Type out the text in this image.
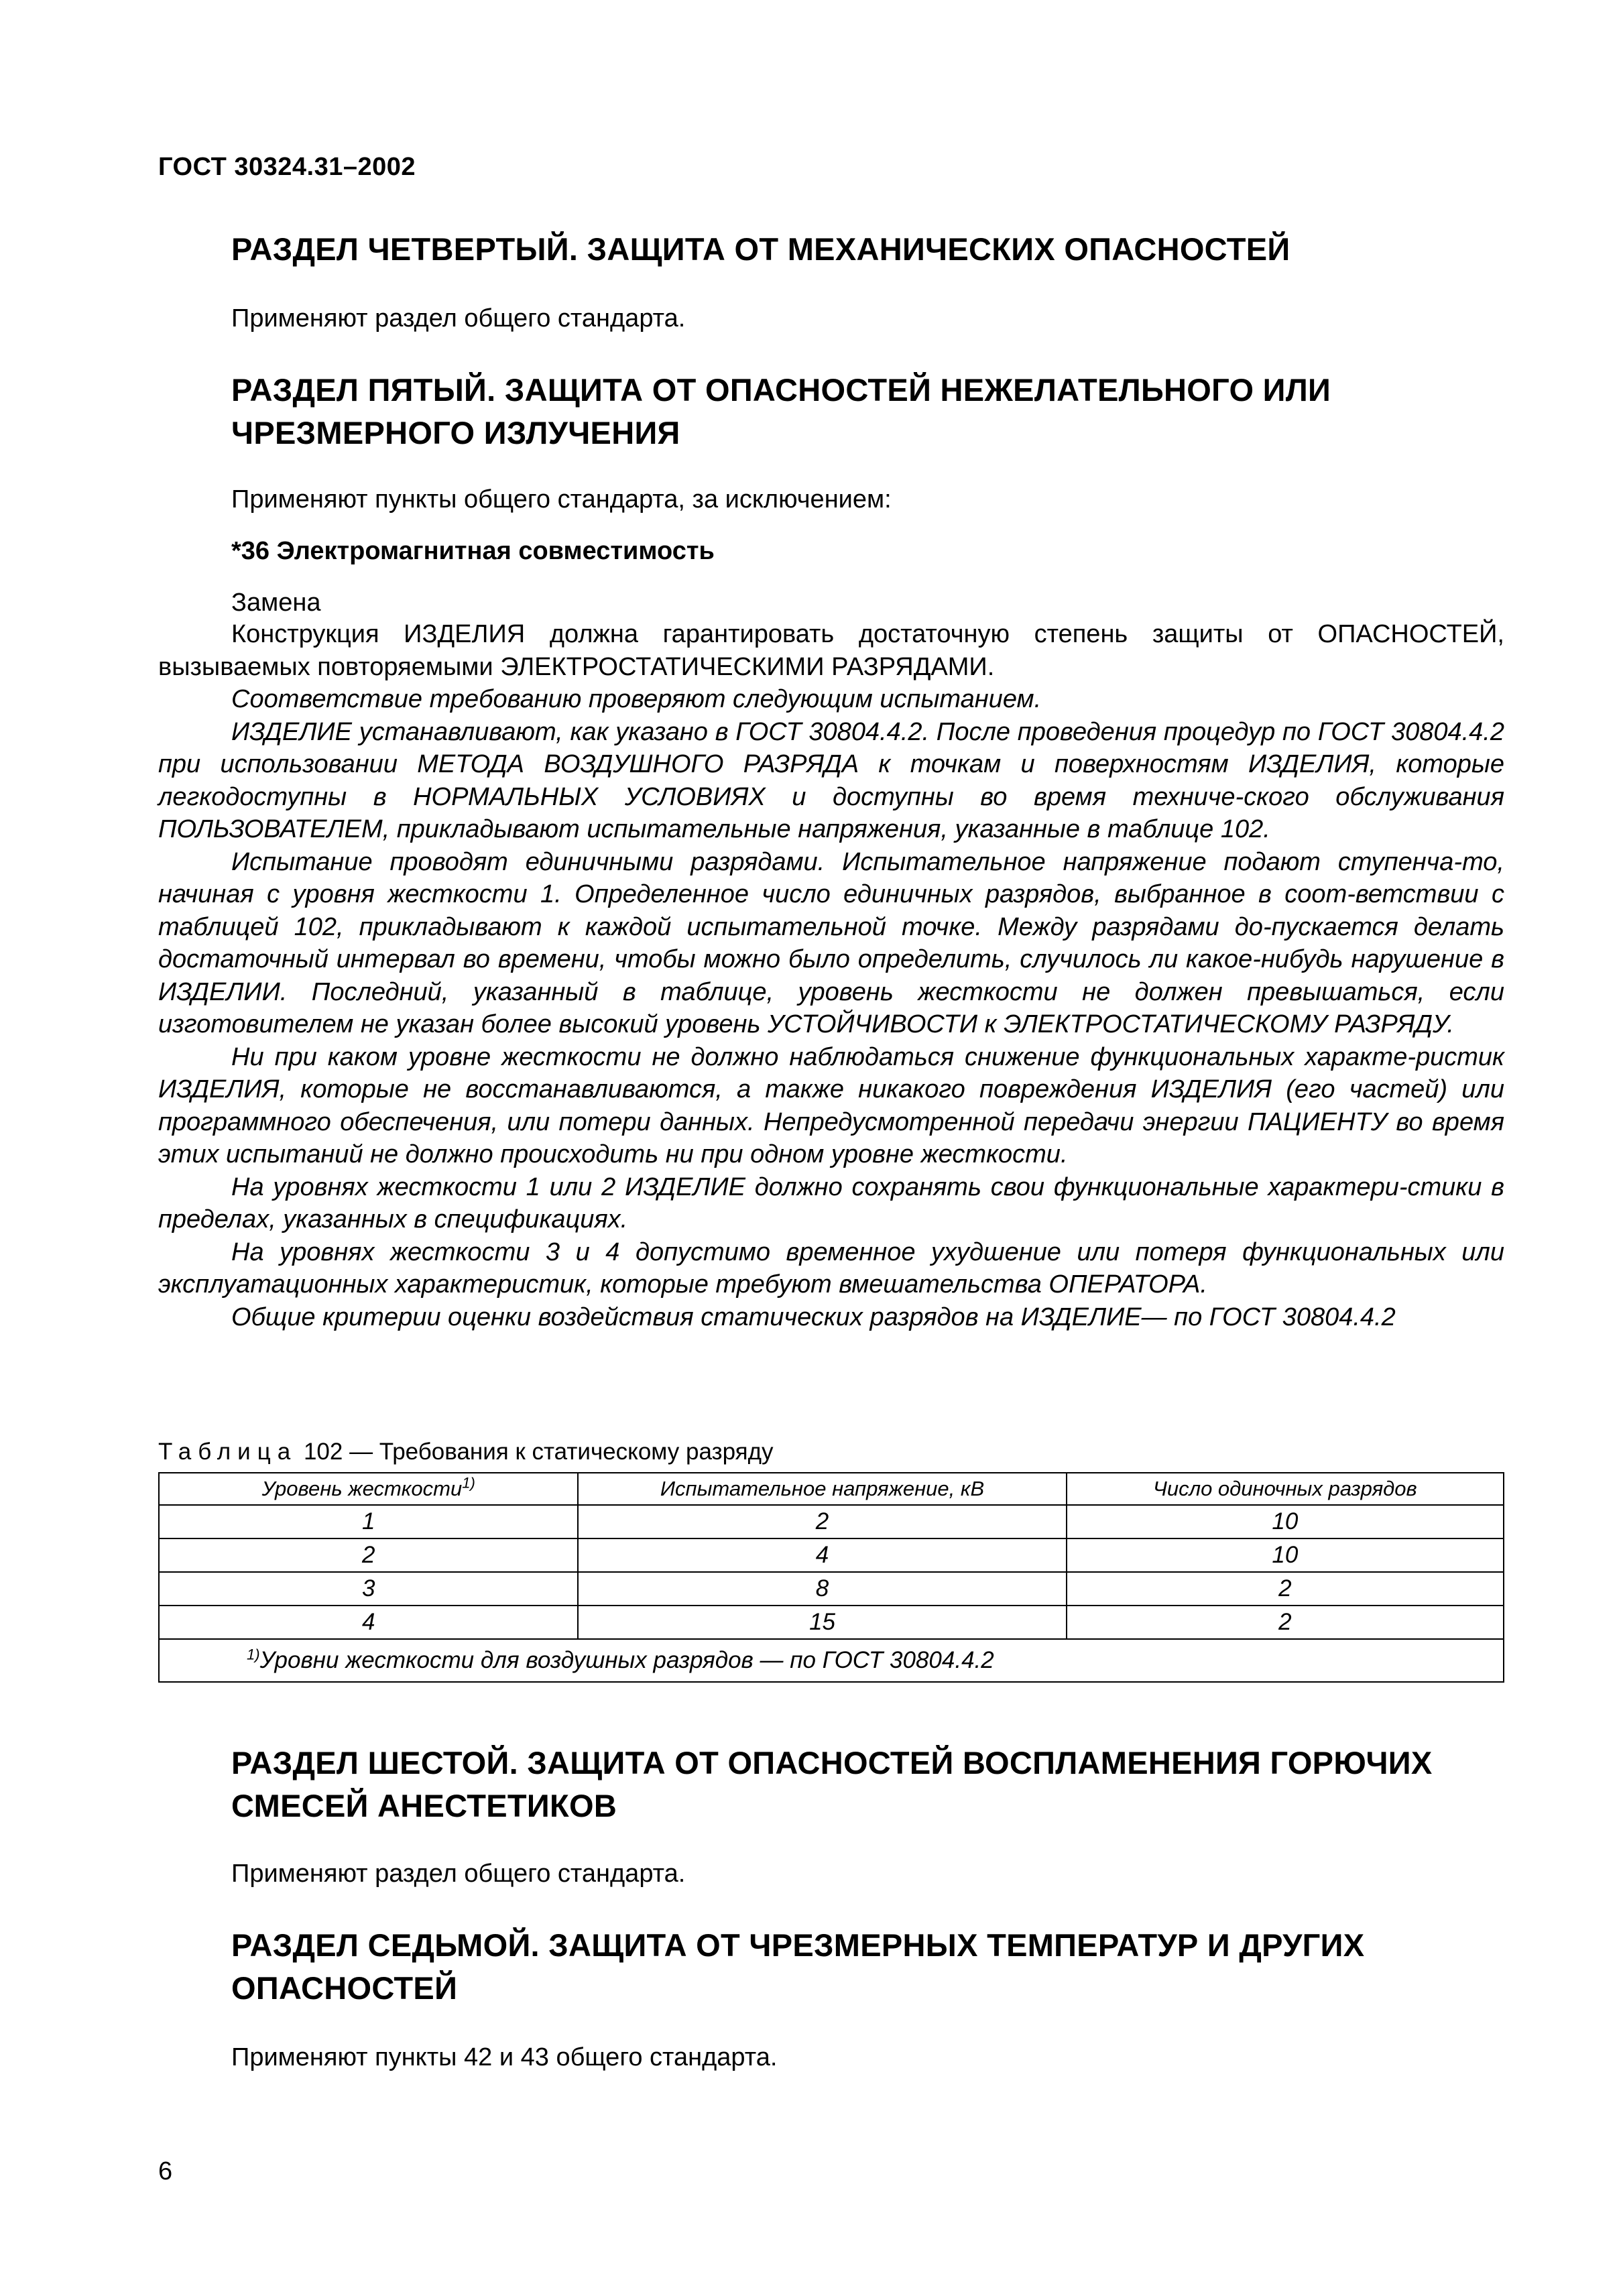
ГОСТ 30324.31–2002
РАЗДЕЛ ЧЕТВЕРТЫЙ. ЗАЩИТА ОТ МЕХАНИЧЕСКИХ ОПАСНОСТЕЙ
Применяют раздел общего стандарта.
РАЗДЕЛ ПЯТЫЙ. ЗАЩИТА ОТ ОПАСНОСТЕЙ НЕЖЕЛАТЕЛЬНОГО ИЛИ
ЧРЕЗМЕРНОГО ИЗЛУЧЕНИЯ
Применяют пункты общего стандарта, за исключением:
*36 Электромагнитная совместимость
Замена

Конструкция ИЗДЕЛИЯ должна гарантировать достаточную степень защиты от ОПАСНОСТЕЙ, вызываемых повторяемыми ЭЛЕКТРОСТАТИЧЕСКИМИ РАЗРЯДАМИ.

Соответствие требованию проверяют следующим испытанием.

ИЗДЕЛИЕ устанавливают, как указано в ГОСТ 30804.4.2. После проведения процедур по ГОСТ 30804.4.2 при использовании МЕТОДА ВОЗДУШНОГО РАЗРЯДА к точкам и поверхностям ИЗДЕЛИЯ, которые легкодоступны в НОРМАЛЬНЫХ УСЛОВИЯХ и доступны во время техниче-ского обслуживания ПОЛЬЗОВАТЕЛЕМ, прикладывают испытательные напряжения, указанные в таблице 102.

Испытание проводят единичными разрядами. Испытательное напряжение подают ступенча-то, начиная с уровня жесткости 1. Определенное число единичных разрядов, выбранное в соот-ветствии с таблицей 102, прикладывают к каждой испытательной точке. Между разрядами до-пускается делать достаточный интервал во времени, чтобы можно было определить, случилось ли какое-нибудь нарушение в ИЗДЕЛИИ. Последний, указанный в таблице, уровень жесткости не должен превышаться, если изготовителем не указан более высокий уровень УСТОЙЧИВОСТИ к ЭЛЕКТРОСТАТИЧЕСКОМУ РАЗРЯДУ.

Ни при каком уровне жесткости не должно наблюдаться снижение функциональных характе-ристик ИЗДЕЛИЯ, которые не восстанавливаются, а также никакого повреждения ИЗДЕЛИЯ (его частей) или программного обеспечения, или потери данных. Непредусмотренной передачи энергии ПАЦИЕНТУ во время этих испытаний не должно происходить ни при одном уровне жесткости.

На уровнях жесткости 1 или 2 ИЗДЕЛИЕ должно сохранять свои функциональные характери-стики в пределах, указанных в спецификациях.

На уровнях жесткости 3 и 4 допустимо временное ухудшение или потеря функциональных или эксплуатационных характеристик, которые требуют вмешательства ОПЕРАТОРА.

Общие критерии оценки воздействия статических разрядов на ИЗДЕЛИЕ— по ГОСТ 30804.4.2

Таблица 102 — Требования к статическому разряду
Уровень жесткости$^{1)}$	Испытательное напряжение, кВ	Число одиночных разрядов
1	2	10
2	4	10
3	8	2
4	15	2
$^{1)}$Уровни жесткости для воздушных разрядов — по ГОСТ 30804.4.2		
РАЗДЕЛ ШЕСТОЙ. ЗАЩИТА ОТ ОПАСНОСТЕЙ ВОСПЛАМЕНЕНИЯ ГОРЮЧИХ
СМЕСЕЙ АНЕСТЕТИКОВ
Применяют раздел общего стандарта.
РАЗДЕЛ СЕДЬМОЙ. ЗАЩИТА ОТ ЧРЕЗМЕРНЫХ ТЕМПЕРАТУР И ДРУГИХ
ОПАСНОСТЕЙ
Применяют пункты 42 и 43 общего стандарта.
6
